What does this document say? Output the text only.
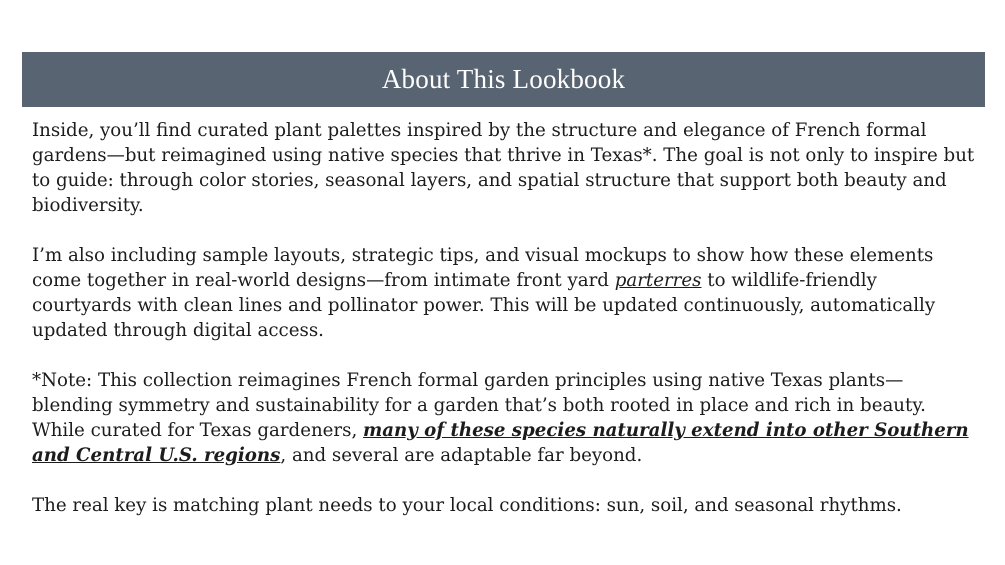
About This Lookbook

Inside, you’ll find curated plant palettes inspired by the structure and elegance of French formal gardens—but reimagined using native species that thrive in Texas*. The goal is not only to inspire but to guide: through color stories, seasonal layers, and spatial structure that support both beauty and biodiversity.

I’m also including sample layouts, strategic tips, and visual mockups to show how these elements come together in real-world designs—from intimate front yard parterres to wildlife-friendly courtyards with clean lines and pollinator power. This will be updated continuously, automatically updated through digital access.

*Note: This collection reimagines French formal garden principles using native Texas plants—blending symmetry and sustainability for a garden that’s both rooted in place and rich in beauty. While curated for Texas gardeners, many of these species naturally extend into other Southern and Central U.S. regions, and several are adaptable far beyond.

The real key is matching plant needs to your local conditions: sun, soil, and seasonal rhythms.
